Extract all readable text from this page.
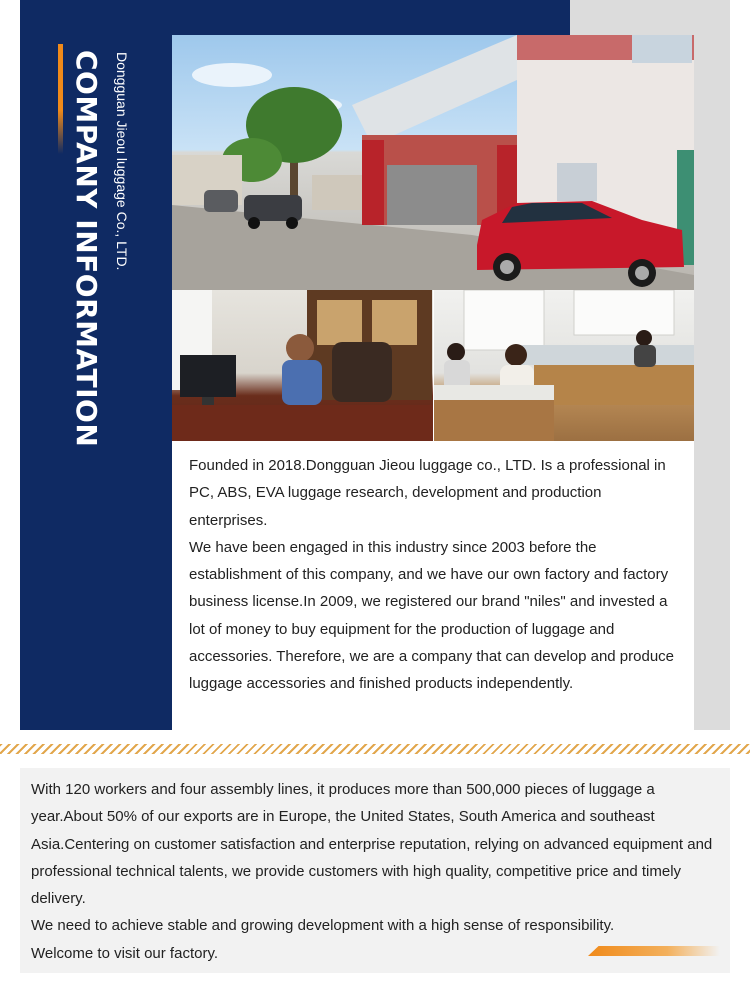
COMPANY INFORMATION Dongguan Jieou luggage Co., LTD.

Founded in 2018.Dongguan Jieou luggage co., LTD. Is a professional in PC, ABS, EVA luggage research, development and production enterprises.

We have been engaged in this industry since 2003 before the establishment of this company, and we have our own factory and factory business license.In 2009, we registered our brand "niles" and invested a lot of money to buy equipment for the production of luggage and accessories. Therefore, we are a company that can develop and produce luggage accessories and finished products independently.

With 120 workers and four assembly lines, it produces more than 500,000 pieces of luggage a year.About 50% of our exports are in Europe, the United States, South America and southeast Asia.Centering on customer satisfaction and enterprise reputation, relying on advanced equipment and professional technical talents, we provide customers with high quality, competitive price and timely delivery.

We need to achieve stable and growing development with a high sense of responsibility.

Welcome to visit our factory.
